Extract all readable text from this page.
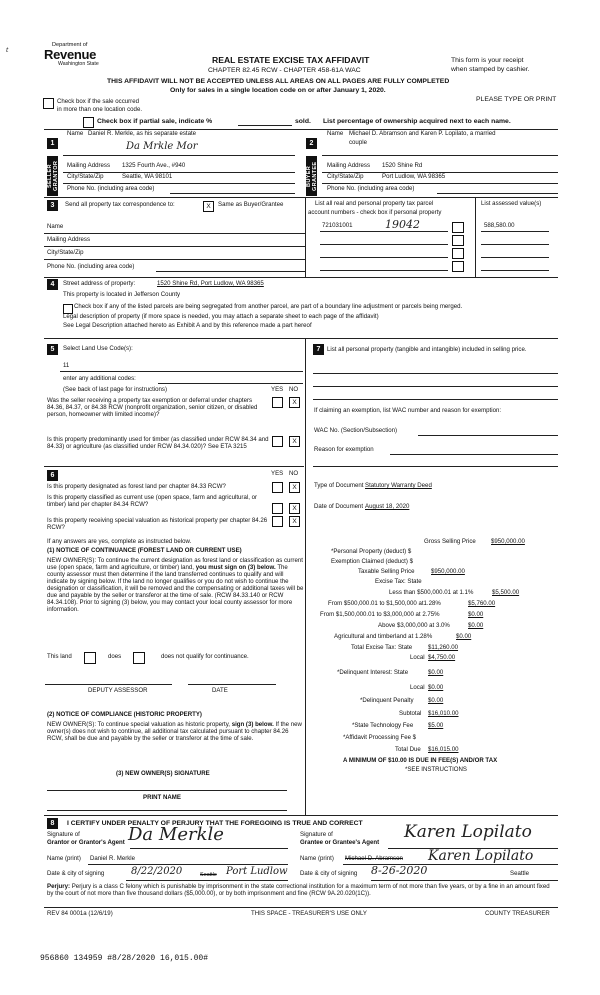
Department of
Revenue
Washington State
t
REAL ESTATE EXCISE TAX AFFIDAVIT
CHAPTER 82.45 RCW - CHAPTER 458-61A WAC
This form is your receipt
when stamped by cashier.
THIS AFFIDAVIT WILL NOT BE ACCEPTED UNLESS ALL AREAS ON ALL PAGES ARE FULLY COMPLETED
Only for sales in a single location code on or after January 1, 2020.
PLEASE TYPE OR PRINT
Check box if the sale occurred
in more than one location code.
Check box if partial sale, indicate %	sold. List percentage of ownership acquired next to each name.
1
SELLER GRANTOR
Name Daniel R. Merkle, as his separate estate
Da Mrkle Mor
Mailing Address 1325 Fourth Ave., #940
City/State/Zip	Seattle, WA 98101
Phone No. (including area code)
2
BUYER GRANTEE
Name Michael D. Abramson and Karen P. Lopilato, a married
couple
Mailing Address 1520 Shine Rd
City/State/Zip	Port Ludlow, WA 98365
Phone No. (including area code)
3	Send all property tax correspondence to:	X	Same as Buyer/Grantee	List all real and personal property tax parcel
account numbers - check box if personal property
List assessed value(s)
Name
Mailing Address
City/State/Zip
Phone No. (including area code)
721031001	19042	588,580.00
4	Street address of property:	1520 Shine Rd, Port Ludlow, WA 98365
This property is located in Jefferson County
Check box if any of the listed parcels are being segregated from another parcel, are part of a boundary line adjustment or parcels being merged.
Legal description of property (if more space is needed, you may attach a separate sheet to each page of the affidavit)
See Legal Description attached hereto as Exhibit A and by this reference made a part hereof
5	Select Land Use Code(s):
11
enter any additional codes:
(See back of last page for instructions)	YES NO
Was the seller receiving a property tax exemption or deferral under chapters 84.36, 84.37, or 84.38 RCW (nonprofit organization, senior citizen, or disabled person, homeowner with limited income)?
X
Is this property predominantly used for timber (as classified under RCW 84.34 and 84.33) or agriculture (as classified under RCW 84.34.020)? See ETA 3215
X
6	YES NO
Is this property designated as forest land per chapter 84.33 RCW?	X
Is this property classified as current use (open space, farm and agricultural, or timber) land per chapter 84.34 RCW?
X
Is this property receiving special valuation as historical property per chapter 84.26 RCW?
X
If any answers are yes, complete as instructed below.
(1) NOTICE OF CONTINUANCE (FOREST LAND OR CURRENT USE)
NEW OWNER(S): To continue the current designation as forest land or classification as current use (open space, farm and agriculture, or timber) land, you must sign on (3) below. The county assessor must then determine if the land transferred continues to qualify and will indicate by signing below. If the land no longer qualifies or you do not wish to continue the designation or classification, it will be removed and the compensating or additional taxes will be due and payable by the seller or transferor at the time of sale. (RCW 84.33.140 or RCW 84.34.108). Prior to signing (3) below, you may contact your local county assessor for more information.
This land	does	does not qualify for continuance.
DEPUTY ASSESSOR	DATE
(2) NOTICE OF COMPLIANCE (HISTORIC PROPERTY)
NEW OWNER(S): To continue special valuation as historic property, sign (3) below. If the new owner(s) does not wish to continue, all additional tax calculated pursuant to chapter 84.26 RCW, shall be due and payable by the seller or transferor at the time of sale.
(3) NEW OWNER(S) SIGNATURE
PRINT NAME
7	List all personal property (tangible and intangible) included in selling price.
If claiming an exemption, list WAC number and reason for exemption:
WAC No. (Section/Subsection)
Reason for exemption
Type of Document Statutory Warranty Deed
Date of Document August 18, 2020
Gross Selling Price $950,000.00
*Personal Property (deduct) $
Exemption Claimed (deduct) $
Taxable Selling Price	$950,000.00
Excise Tax: State
Less than $500,000.01 at 1.1%	$5,500.00
From $500,000.01 to $1,500,000 at1.28%	$5,760.00
From $1,500,000.01 to $3,000,000 at 2.75%	$0.00
Above $3,000,000 at 3.0%	$0.00
Agricultural and timberland at 1.28%	$0.00
Total Excise Tax: State	$11,260.00
Local $4,750.00
*Delinquent Interest: State	$0.00
Local $0.00
*Delinquent Penalty $0.00
Subtotal $16,010.00
*State Technology Fee $5.00
*Affidavit Processing Fee $
Total Due $16,015.00
A MINIMUM OF $10.00 IS DUE IN FEE(S) AND/OR TAX
*SEE INSTRUCTIONS
8	I CERTIFY UNDER PENALTY OF PERJURY THAT THE FOREGOING IS TRUE AND CORRECT
Signature of
Grantor or Grantor's Agent Da Merkle
Name (print) Daniel R. Merkle
Date & city of signing	8/22/2020	Seattle Port Ludlow
Signature of
Grantee or Grantee's Agent
Karen Lopilato
Name (print) Michael D. Abramson Karen Lopilato
Date & city of signing 8-26-2020	Seattle
Perjury: Perjury is a class C felony which is punishable by imprisonment in the state correctional institution for a maximum term of not more than five years, or by a fine in an amount fixed by the court of not more than five thousand dollars ($5,000.00), or by both imprisonment and fine (RCW 9A.20.020(1C)).
REV 84 0001a (12/6/19)	THIS SPACE - TREASURER'S USE ONLY	COUNTY TREASURER
956860 134959 #8/28/2020 16,015.00#
